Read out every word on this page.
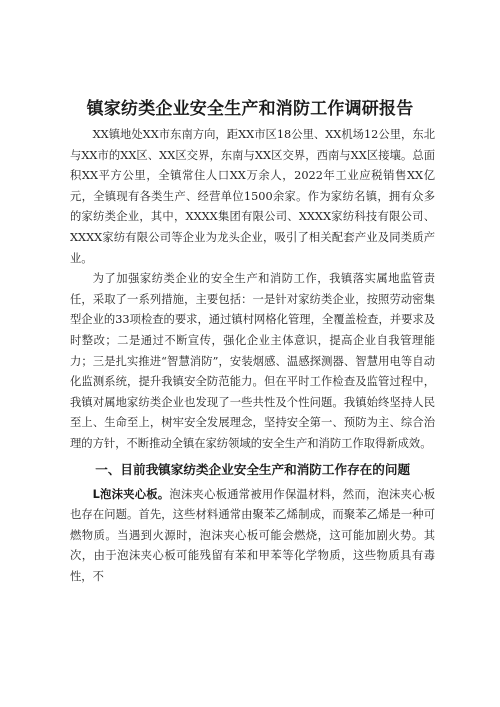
镇家纺类企业安全生产和消防工作调研报告

XX镇地处XX市东南方向，距XX市区18公里、XX机场12公里，东北与XX市的XX区、XX区交界，东南与XX区交界，西南与XX区接壤。总面积XX平方公里，全镇常住人口XX万余人，2022年工业应税销售XX亿元，全镇现有各类生产、经营单位1500余家。作为家纺名镇，拥有众多的家纺类企业，其中，XXXX集团有限公司、XXXX家纺科技有限公司、XXXX家纺有限公司等企业为龙头企业，吸引了相关配套产业及同类质产业。

为了加强家纺类企业的安全生产和消防工作，我镇落实属地监管责任，采取了一系列措施，主要包括：一是针对家纺类企业，按照劳动密集型企业的33项检查的要求，通过镇村网格化管理，全覆盖检查，并要求及时整改；二是通过不断宣传，强化企业主体意识，提高企业自我管理能力；三是扎实推进“智慧消防”，安装烟感、温感探测器、智慧用电等自动化监测系统，提升我镇安全防范能力。但在平时工作检查及监管过程中，我镇对属地家纺类企业也发现了一些共性及个性问题。我镇始终坚持人民至上、生命至上，树牢安全发展理念，坚持安全第一、预防为主、综合治理的方针，不断推动全镇在家纺领域的安全生产和消防工作取得新成效。

一、目前我镇家纺类企业安全生产和消防工作存在的问题

L泡沫夹心板。泡沫夹心板通常被用作保温材料，然而，泡沫夹心板也存在问题。首先，这些材料通常由聚苯乙烯制成，而聚苯乙烯是一种可燃物质。当遇到火源时，泡沫夹心板可能会燃烧，这可能加剧火势。其次，由于泡沫夹心板可能残留有苯和甲苯等化学物质，这些物质具有毒性，不
